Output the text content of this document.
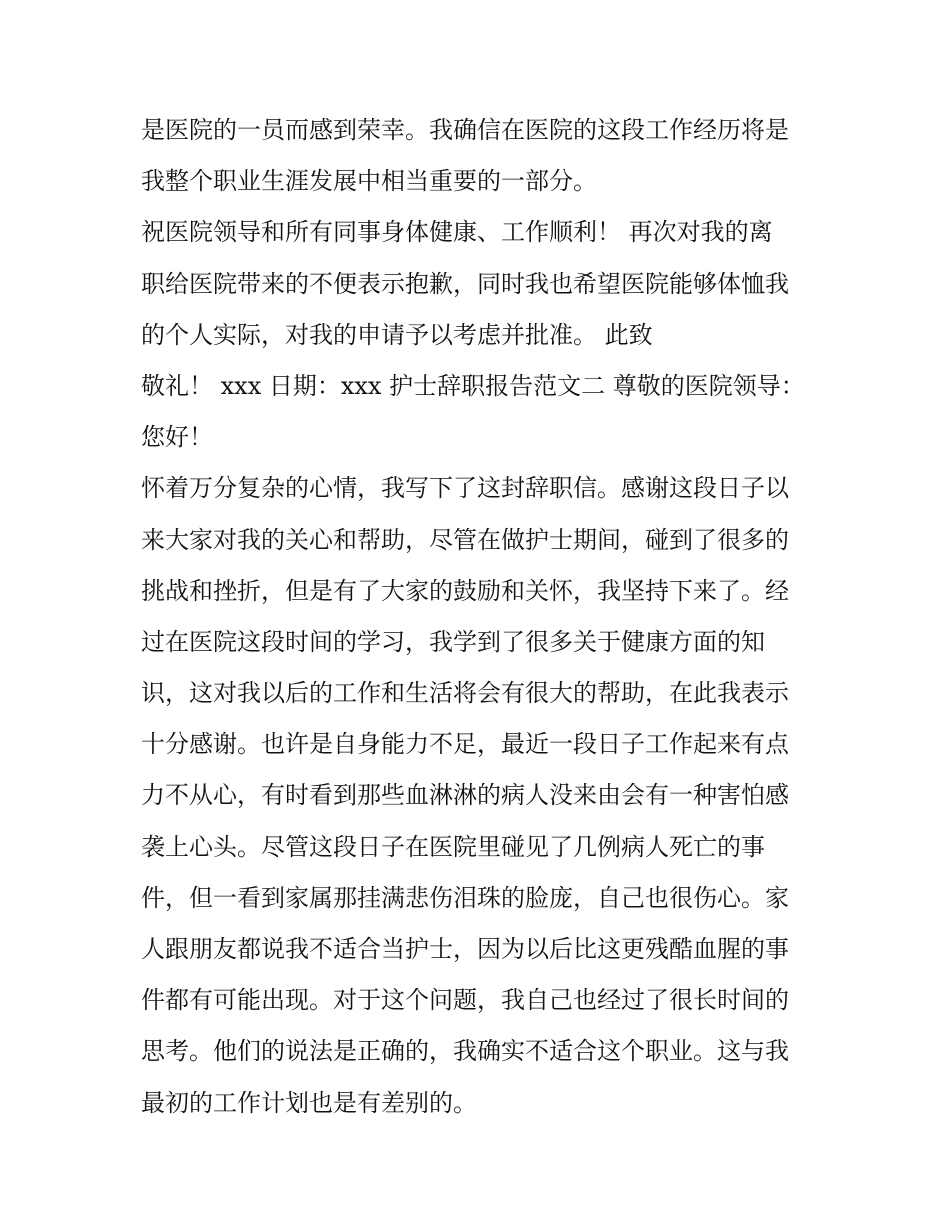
是医院的一员而感到荣幸。我确信在医院的这段工作经历将是
我整个职业生涯发展中相当重要的一部分。
祝医院领导和所有同事身体健康、工作顺利！ 再次对我的离
职给医院带来的不便表示抱歉，同时我也希望医院能够体恤我
的个人实际，对我的申请予以考虑并批准。 此致
敬礼！ xxx 日期：xxx 护士辞职报告范文二 尊敬的医院领导：
您好！
怀着万分复杂的心情，我写下了这封辞职信。感谢这段日子以
来大家对我的关心和帮助，尽管在做护士期间，碰到了很多的
挑战和挫折，但是有了大家的鼓励和关怀，我坚持下来了。经
过在医院这段时间的学习，我学到了很多关于健康方面的知
识，这对我以后的工作和生活将会有很大的帮助，在此我表示
十分感谢。也许是自身能力不足，最近一段日子工作起来有点
力不从心，有时看到那些血淋淋的病人没来由会有一种害怕感
袭上心头。尽管这段日子在医院里碰见了几例病人死亡的事
件，但一看到家属那挂满悲伤泪珠的脸庞，自己也很伤心。家
人跟朋友都说我不适合当护士，因为以后比这更残酷血腥的事
件都有可能出现。对于这个问题，我自己也经过了很长时间的
思考。他们的说法是正确的，我确实不适合这个职业。这与我
最初的工作计划也是有差别的。
